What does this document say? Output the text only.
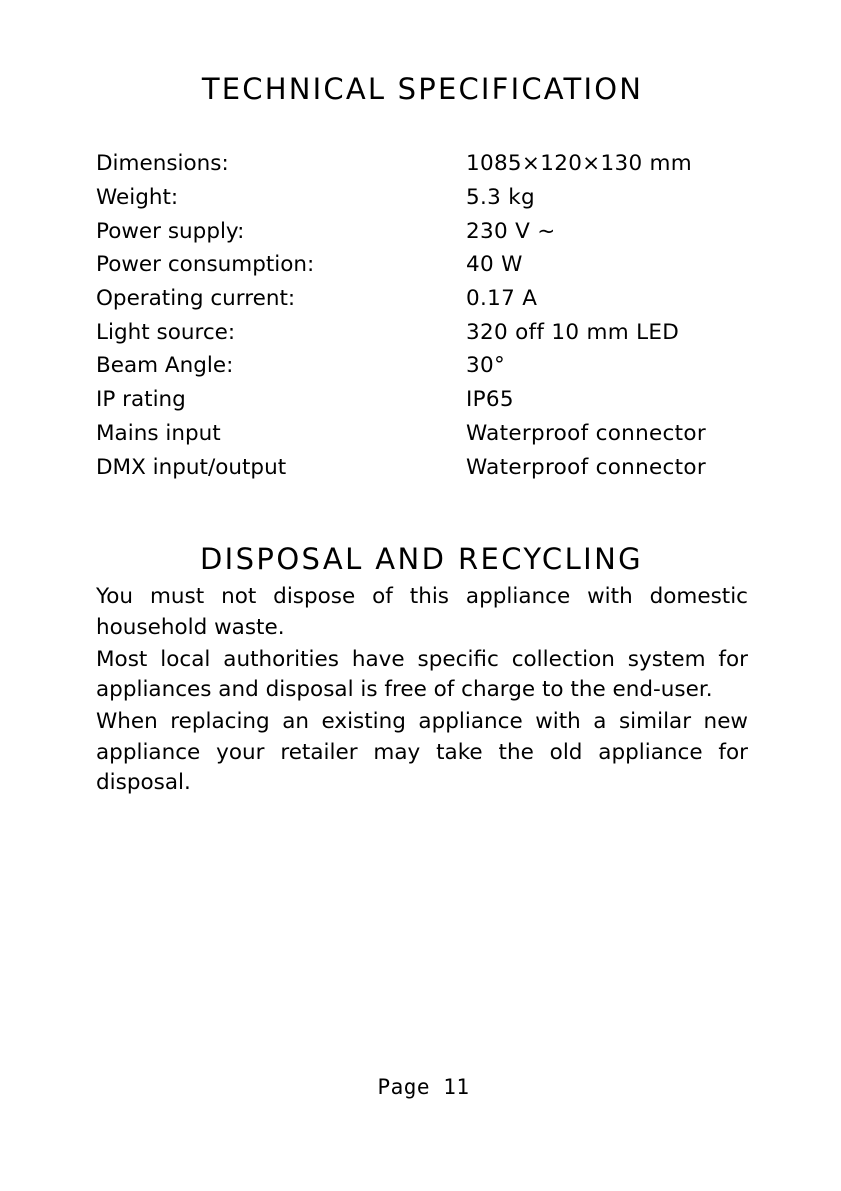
TECHNICAL SPECIFICATION
Dimensions:	1085×120×130 mm
Weight:	5.3 kg
Power supply:	230 V ~
Power consumption:	40 W
Operating current:	0.17 A
Light source:	320 off 10 mm LED
Beam Angle:	30°
IP rating	IP65
Mains input	Waterproof connector
DMX input/output	Waterproof connector
DISPOSAL AND RECYCLING

You must not dispose of this appliance with domestic household waste.

Most local authorities have specific collection system for appliances and disposal is free of charge to the end-user.

When replacing an existing appliance with a similar new appliance your retailer may take the old appliance for disposal.

Page 11
